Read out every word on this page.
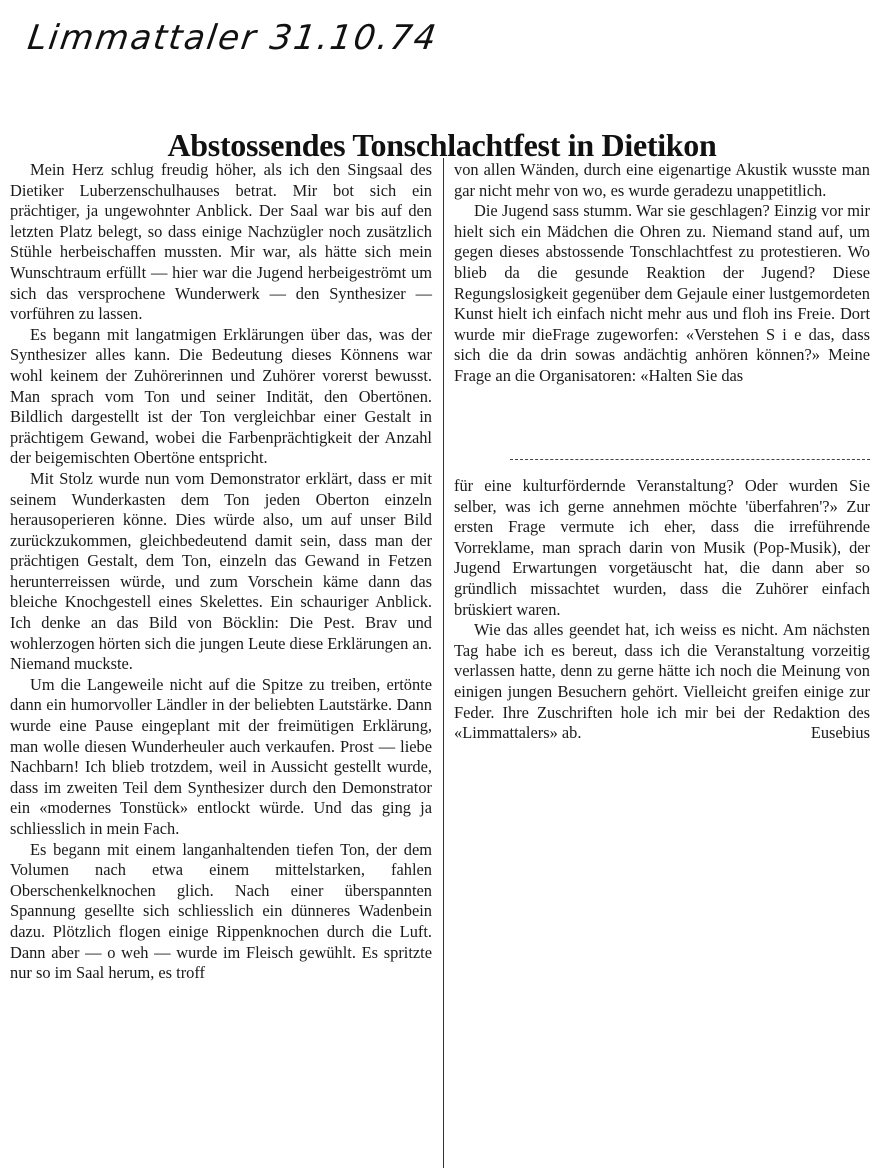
Limmattaler 31.10.74
Abstossendes Tonschlachtfest in Dietikon

Mein Herz schlug freudig höher, als ich den Singsaal des Dietiker Luberzenschulhauses betrat. Mir bot sich ein prächtiger, ja ungewohnter Anblick. Der Saal war bis auf den letzten Platz belegt, so dass einige Nachzügler noch zusätzlich Stühle herbeischaffen mussten. Mir war, als hätte sich mein Wunschtraum erfüllt — hier war die Jugend herbeigeströmt um sich das versprochene Wunderwerk — den Synthesizer — vorführen zu lassen.

Es begann mit langatmigen Erklärungen über das, was der Synthesizer alles kann. Die Bedeutung dieses Könnens war wohl keinem der Zuhörerinnen und Zuhörer vorerst bewusst. Man sprach vom Ton und seiner Indität, den Obertönen. Bildlich dargestellt ist der Ton vergleichbar einer Gestalt in prächtigem Gewand, wobei die Farbenprächtigkeit der Anzahl der beigemischten Obertöne entspricht.

Mit Stolz wurde nun vom Demonstrator erklärt, dass er mit seinem Wunderkasten dem Ton jeden Oberton einzeln herausoperieren könne. Dies würde also, um auf unser Bild zurückzukommen, gleichbedeutend damit sein, dass man der prächtigen Gestalt, dem Ton, einzeln das Gewand in Fetzen herunterreissen würde, und zum Vorschein käme dann das bleiche Knochgestell eines Skelettes. Ein schauriger Anblick. Ich denke an das Bild von Böcklin: Die Pest. Brav und wohlerzogen hörten sich die jungen Leute diese Erklärungen an. Niemand muckste.

Um die Langeweile nicht auf die Spitze zu treiben, ertönte dann ein humorvoller Ländler in der beliebten Lautstärke. Dann wurde eine Pause eingeplant mit der freimütigen Erklärung, man wolle diesen Wunderheuler auch verkaufen. Prost — liebe Nachbarn! Ich blieb trotzdem, weil in Aussicht gestellt wurde, dass im zweiten Teil dem Synthesizer durch den Demonstrator ein «modernes Tonstück» entlockt würde. Und das ging ja schliesslich in mein Fach.

Es begann mit einem langanhaltenden tiefen Ton, der dem Volumen nach etwa einem mittelstarken, fahlen Oberschenkelknochen glich. Nach einer überspannten Spannung gesellte sich schliesslich ein dünneres Wadenbein dazu. Plötzlich flogen einige Rippenknochen durch die Luft. Dann aber — o weh — wurde im Fleisch gewühlt. Es spritzte nur so im Saal herum, es troff

von allen Wänden, durch eine eigenartige Akustik wusste man gar nicht mehr von wo, es wurde geradezu unappetitlich.

Die Jugend sass stumm. War sie geschlagen? Einzig vor mir hielt sich ein Mädchen die Ohren zu. Niemand stand auf, um gegen dieses abstossende Tonschlachtfest zu protestieren. Wo blieb da die gesunde Reaktion der Jugend? Diese Regungslosigkeit gegenüber dem Gejaule einer lustgemordeten Kunst hielt ich einfach nicht mehr aus und floh ins Freie. Dort wurde mir dieFrage zugeworfen: «Verstehen S i e das, dass sich die da drin sowas andächtig anhören können?» Meine Frage an die Organisatoren: «Halten Sie das

für eine kulturfördernde Veranstaltung? Oder wurden Sie selber, was ich gerne annehmen möchte 'überfahren'?» Zur ersten Frage vermute ich eher, dass die irreführende Vorreklame, man sprach darin von Musik (Pop-Musik), der Jugend Erwartungen vorgetäuscht hat, die dann aber so gründlich missachtet wurden, dass die Zuhörer einfach brüskiert waren.

Wie das alles geendet hat, ich weiss es nicht. Am nächsten Tag habe ich es bereut, dass ich die Veranstaltung vorzeitig verlassen hatte, denn zu gerne hätte ich noch die Meinung von einigen jungen Besuchern gehört. Vielleicht greifen einige zur Feder. Ihre Zuschriften hole ich mir bei der Redaktion des «Limmattalers» ab.	Eusebius
